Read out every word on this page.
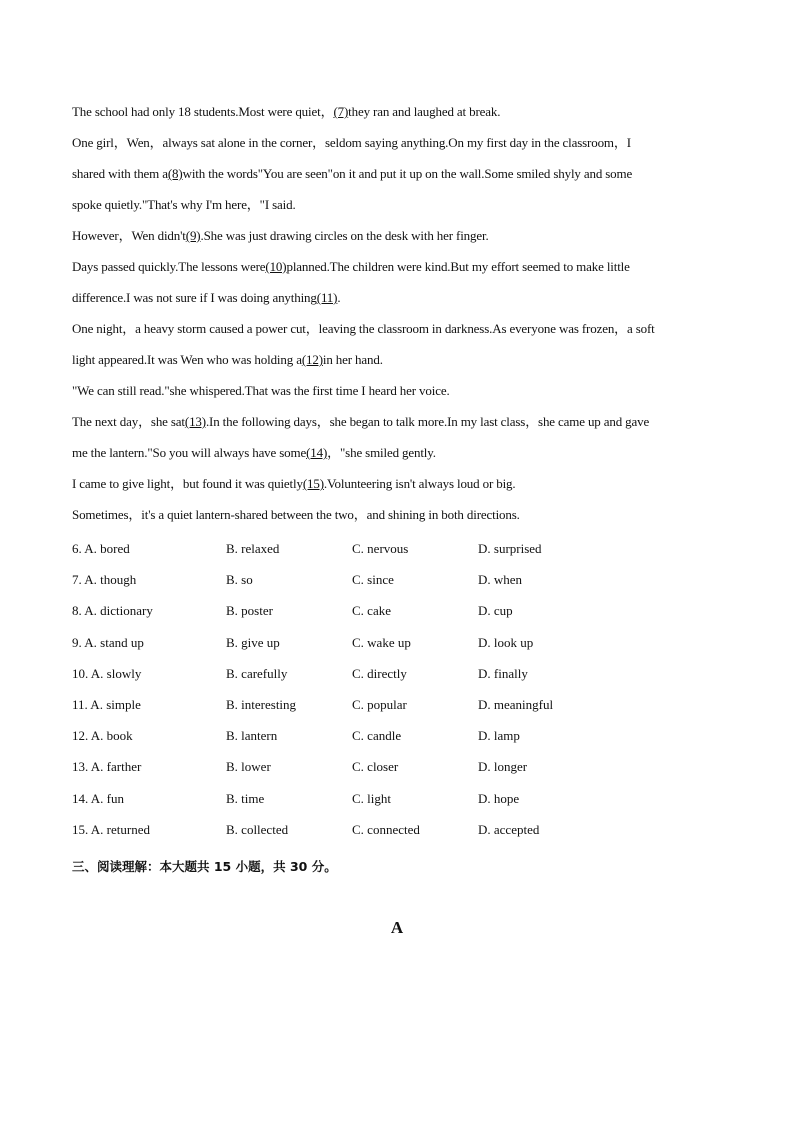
The school had only 18 students.Most were quiet，(7)they ran and laughed at break.
One girl，Wen，always sat alone in the corner，seldom saying anything.On my first day in the classroom，I
shared with them a(8)with the words"You are seen"on it and put it up on the wall.Some smiled shyly and some
spoke quietly."That's why I'm here，"I said.
However，Wen didn't(9).She was just drawing circles on the desk with her finger.
Days passed quickly.The lessons were(10)planned.The children were kind.But my effort seemed to make little
difference.I was not sure if I was doing anything(11).
One night，a heavy storm caused a power cut，leaving the classroom in darkness.As everyone was frozen，a soft
light appeared.It was Wen who was holding a(12)in her hand.
"We can still read."she whispered.That was the first time I heard her voice.
The next day，she sat(13).In the following days，she began to talk more.In my last class，she came up and gave
me the lantern."So you will always have some(14)，"she smiled gently.
I came to give light，but found it was quietly(15).Volunteering isn't always loud or big.
Sometimes，it's a quiet lantern-shared between the two，and shining in both directions.
6. A. bored	B. relaxed	C. nervous	D. surprised
7. A. though	B. so	C. since	D. when
8. A. dictionary	B. poster	C. cake	D. cup
9. A. stand up	B. give up	C. wake up	D. look up
10. A. slowly	B. carefully	C. directly	D. finally
11. A. simple	B. interesting	C. popular	D. meaningful
12. A. book	B. lantern	C. candle	D. lamp
13. A. farther	B. lower	C. closer	D. longer
14. A. fun	B. time	C. light	D. hope
15. A. returned	B. collected	C. connected	D. accepted
三、阅读理解：本大题共 15 小题，共 30 分。
A
